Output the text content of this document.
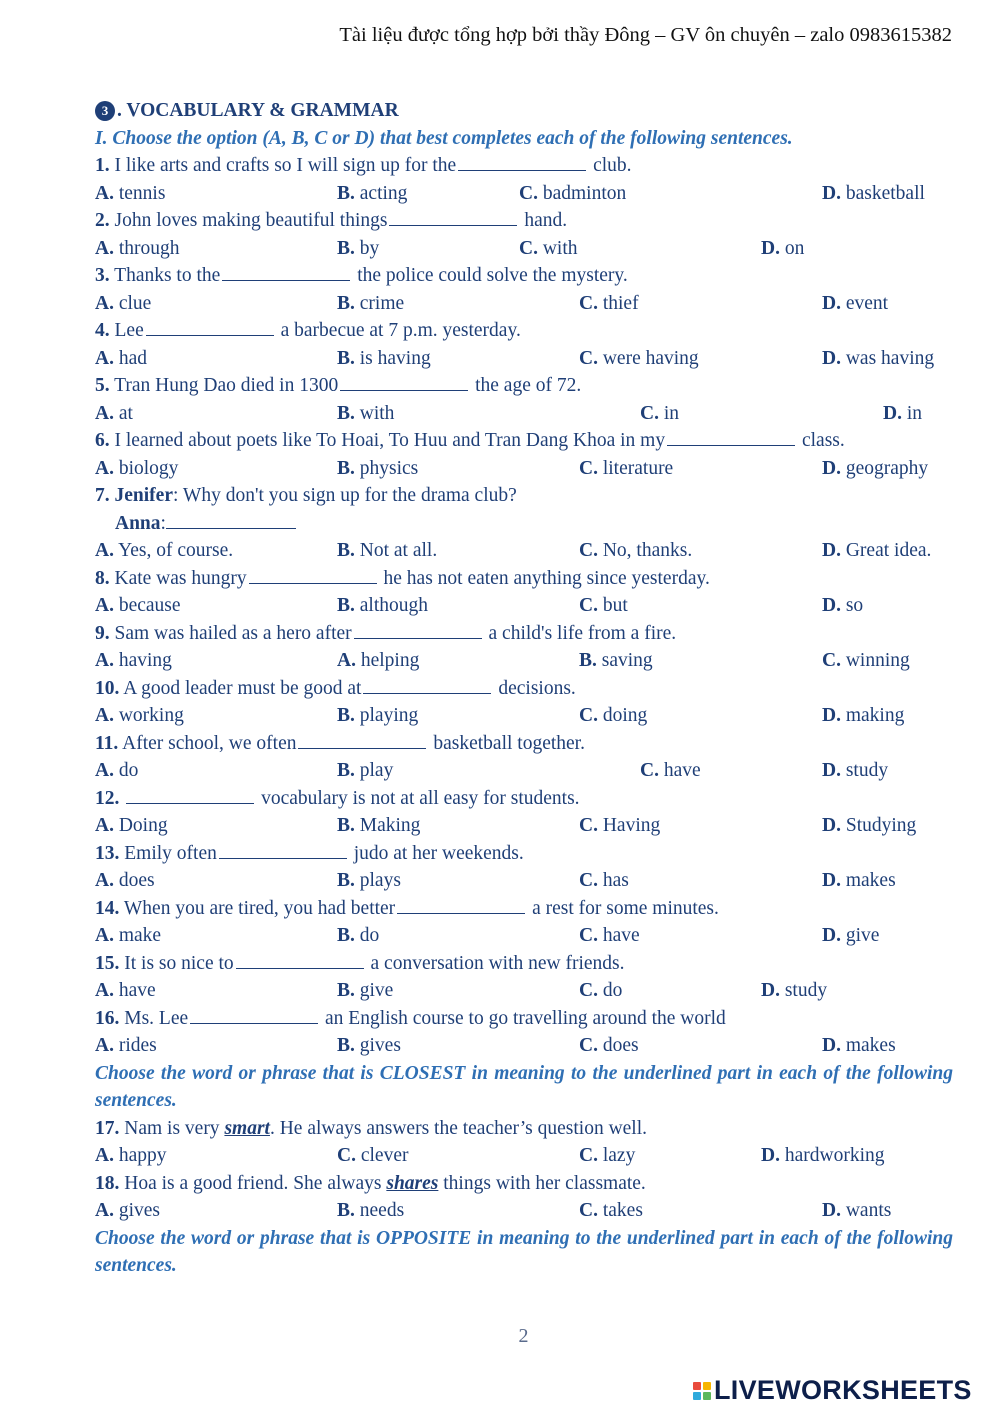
Tài liệu được tổng hợp bởi thầy Đông – GV ôn chuyên – zalo 0983615382
3 . VOCABULARY & GRAMMAR
I. Choose the option (A, B, C or D) that best completes each of the following sentences.
1. I like arts and crafts so I will sign up for the	club.
A. tennis	B. acting	C. badminton	D. basketball
2. John loves making beautiful things	hand.
A. through	B. by	C. with	D. on
3. Thanks to the	the police could solve the mystery.
A. clue	B. crime	C. thief	D. event
4. Lee	a barbecue at 7 p.m. yesterday.
A. had	B. is having	C. were having	D. was having
5. Tran Hung Dao died in 1300	the age of 72.
A. at	B. with	C. in	D. in
6. I learned about poets like To Hoai, To Huu and Tran Dang Khoa in my	class.
A. biology	B. physics	C. literature	D. geography
7. Jenifer: Why don't you sign up for the drama club?
Anna:
A. Yes, of course.	B. Not at all.	C. No, thanks.	D. Great idea.
8. Kate was hungry	he has not eaten anything since yesterday.
A. because	B. although	C. but	D. so
9. Sam was hailed as a hero after	a child's life from a fire.
A. having	A. helping	B. saving	C. winning
10. A good leader must be good at	decisions.
A. working	B. playing	C. doing	D. making
11. After school, we often	basketball together.
A. do	B. play	C. have	D. study
12.	vocabulary is not at all easy for students.
A. Doing	B. Making	C. Having	D. Studying
13. Emily often	judo at her weekends.
A. does	B. plays	C. has	D. makes
14. When you are tired, you had better	a rest for some minutes.
A. make	B. do	C. have	D. give
15. It is so nice to	a conversation with new friends.
A. have	B. give	C. do	D. study
16. Ms. Lee	an English course to go travelling around the world
A. rides	B. gives	C. does	D. makes
Choose the word or phrase that is CLOSEST in meaning to the underlined part in each of the following sentences.
17. Nam is very smart. He always answers the teacher’s question well.
A. happy	C. clever	C. lazy	D. hardworking
18. Hoa is a good friend. She always shares things with her classmate.
A. gives	B. needs	C. takes	D. wants
Choose the word or phrase that is OPPOSITE in meaning to the underlined part in each of the following sentences.
2
LIVEWORKSHEETS
